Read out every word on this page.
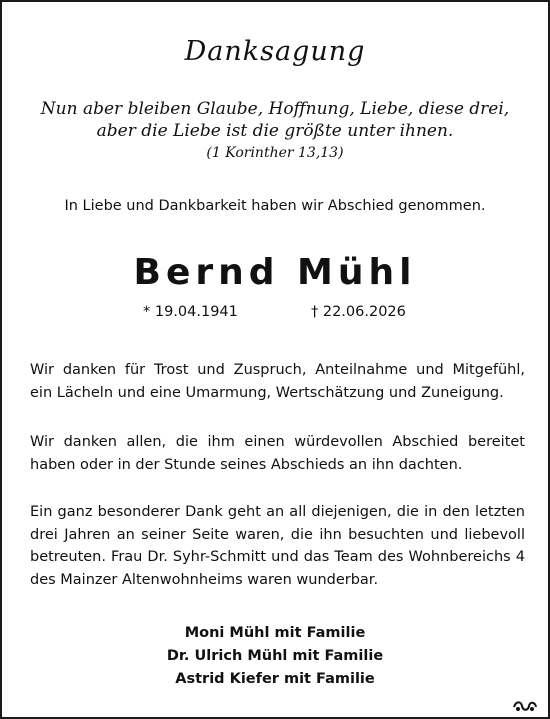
Danksagung
Nun aber bleiben Glaube, Hoffnung, Liebe, diese drei,
aber die Liebe ist die größte unter ihnen.
(1 Korinther 13,13)
In Liebe und Dankbarkeit haben wir Abschied genommen.
Bernd Mühl
* 19.04.1941	† 22.06.2026
Wir danken für Trost und Zuspruch, Anteilnahme und Mitgefühl,
ein Lächeln und eine Umarmung, Wertschätzung und Zuneigung.
Wir danken allen, die ihm einen würdevollen Abschied bereitet
haben oder in der Stunde seines Abschieds an ihn dachten.
Ein ganz besonderer Dank geht an all diejenigen, die in den letzten
drei Jahren an seiner Seite waren, die ihn besuchten und liebevoll
betreuten. Frau Dr. Syhr-Schmitt und das Team des Wohnbereichs 4
des Mainzer Altenwohnheims waren wunderbar.
Moni Mühl mit Familie
Dr. Ulrich Mühl mit Familie
Astrid Kiefer mit Familie
